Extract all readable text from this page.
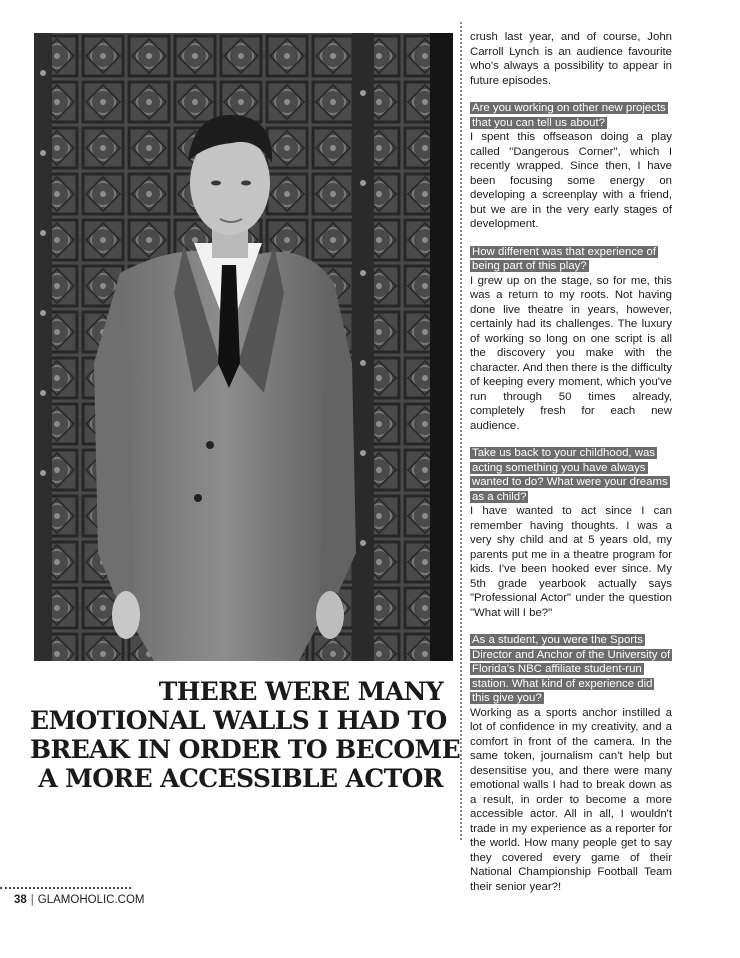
THERE WERE MANY
EMOTIONAL WALLS I HAD TO
BREAK IN ORDER TO BECOME
A MORE ACCESSIBLE ACTOR

crush last year, and of course, John Carroll Lynch is an audience favourite who's always a possibility to appear in future episodes.

Are you working on other new projects that you can tell us about?

I spent this offseason doing a play called "Dangerous Corner", which I recently wrapped. Since then, I have been focusing some energy on developing a screenplay with a friend, but we are in the very early stages of development.

How different was that experience of being part of this play?

I grew up on the stage, so for me, this was a return to my roots. Not having done live theatre in years, however, certainly had its challenges. The luxury of working so long on one script is all the discovery you make with the character. And then there is the difficulty of keeping every moment, which you've run through 50 times already, completely fresh for each new audience.

Take us back to your childhood, was acting something you have always wanted to do? What were your dreams as a child?

I have wanted to act since I can remember having thoughts. I was a very shy child and at 5 years old, my parents put me in a theatre program for kids. I've been hooked ever since. My 5th grade yearbook actually says "Professional Actor" under the question "What will I be?"

As a student, you were the Sports Director and Anchor of the University of Florida's NBC affiliate student-run station. What kind of experience did this give you?

Working as a sports anchor instilled a lot of confidence in my creativity, and a comfort in front of the camera. In the same token, journalism can't help but desensitise you, and there were many emotional walls I had to break down as a result, in order to become a more accessible actor. All in all, I wouldn't trade in my experience as a reporter for the world. How many people get to say they covered every game of their National Championship Football Team their senior year?!

38 | GLAMOHOLIC.COM
